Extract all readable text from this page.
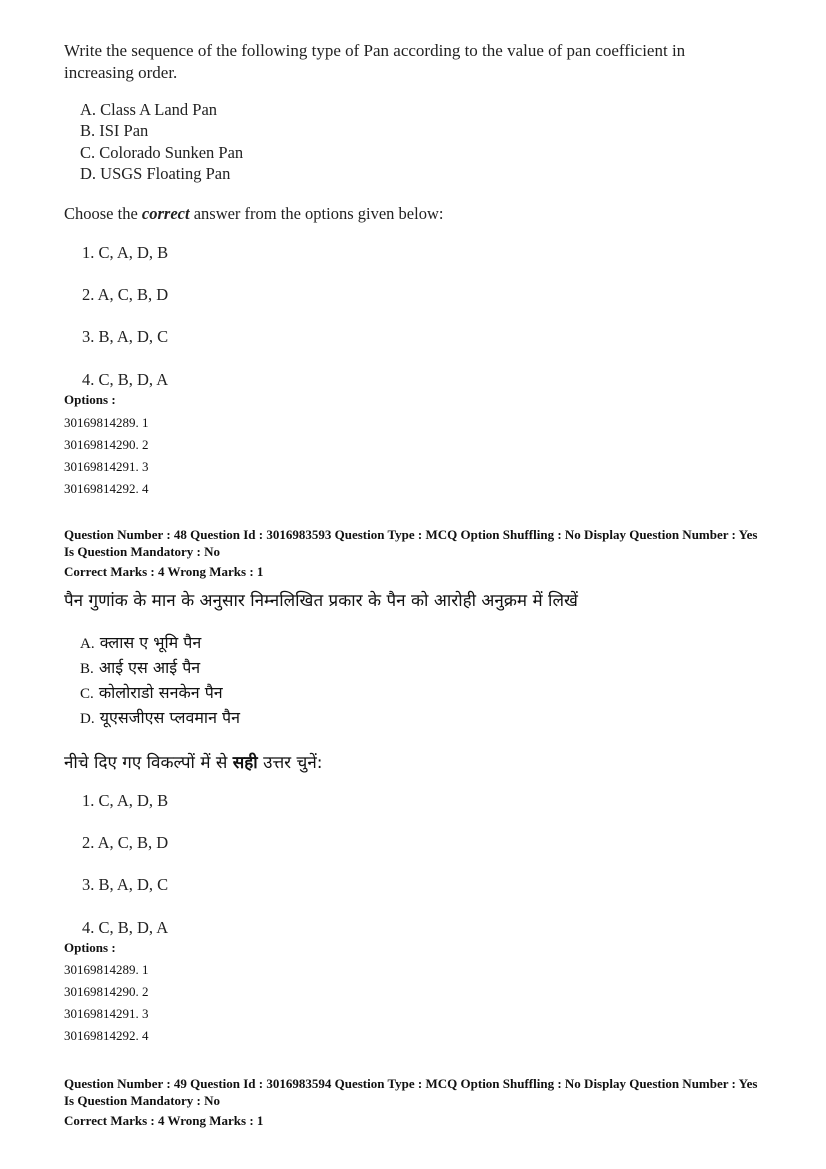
Write the sequence of the following type of Pan according to the value of pan coefficient in increasing order.
A. Class A Land Pan
B. ISI Pan
C. Colorado Sunken Pan
D. USGS Floating Pan
Choose the correct answer from the options given below:
1. C, A, D, B
2. A, C, B, D
3. B, A, D, C
4. C, B, D, A
Options :
30169814289. 1
30169814290. 2
30169814291. 3
30169814292. 4
Question Number : 48 Question Id : 3016983593 Question Type : MCQ Option Shuffling : No Display Question Number : Yes Is Question Mandatory : No
Correct Marks : 4 Wrong Marks : 1
पैन गुणांक के मान के अनुसार निम्नलिखित प्रकार के पैन को आरोही अनुक्रम में लिखें
A. क्लास ए भूमि पैन
B. आई एस आई पैन
C. कोलोराडो सनकेन पैन
D. यूएसजीएस प्लवमान पैन
नीचे दिए गए विकल्पों में से सही उत्तर चुनें:
1. C, A, D, B
2. A, C, B, D
3. B, A, D, C
4. C, B, D, A
Options :
30169814289. 1
30169814290. 2
30169814291. 3
30169814292. 4
Question Number : 49 Question Id : 3016983594 Question Type : MCQ Option Shuffling : No Display Question Number : Yes Is Question Mandatory : No
Correct Marks : 4 Wrong Marks : 1
